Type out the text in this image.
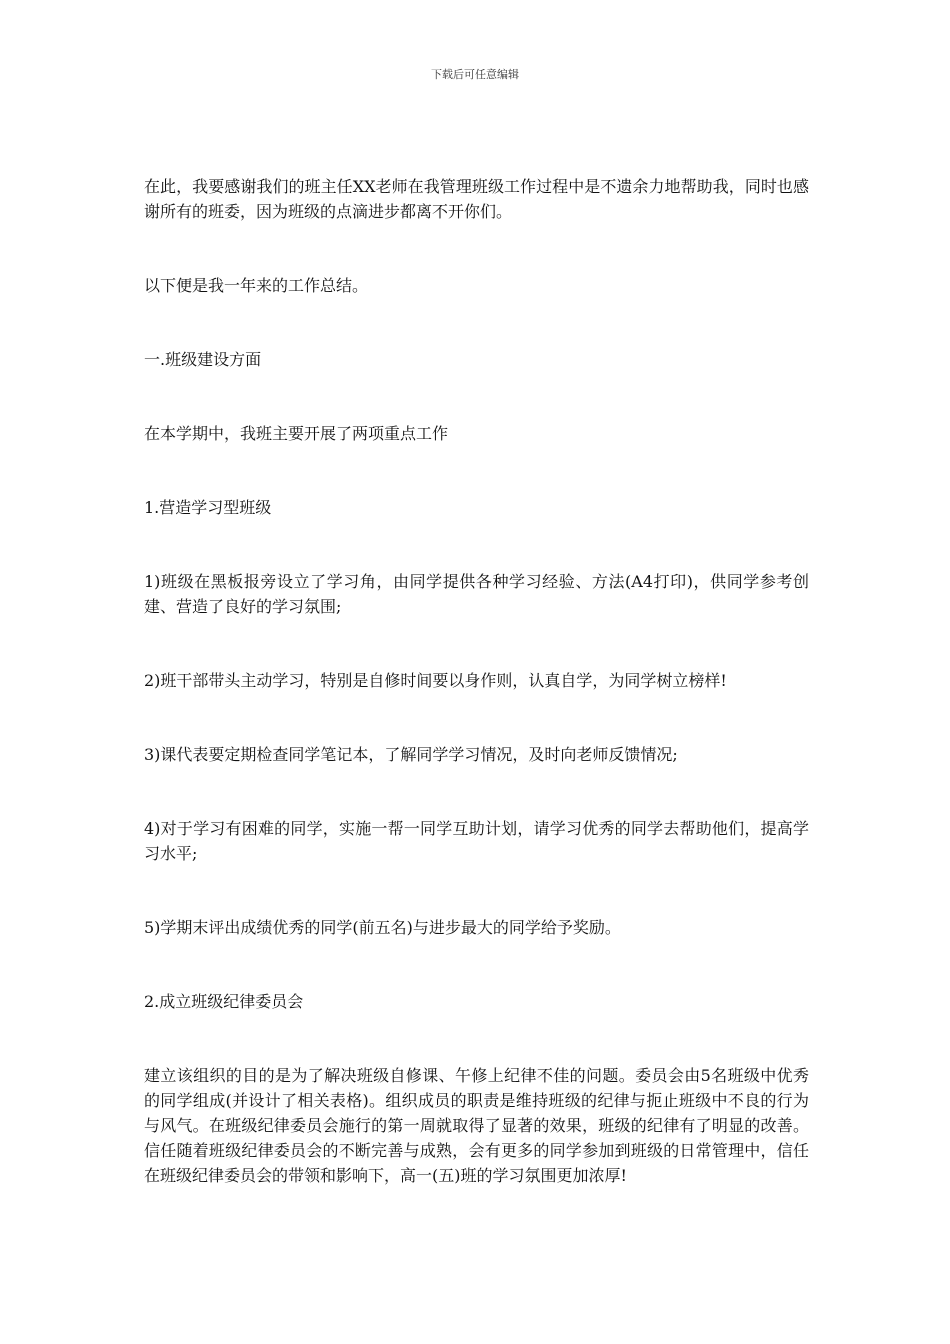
下载后可任意编辑

在此，我要感谢我们的班主任XX老师在我管理班级工作过程中是不遗余力地帮助我，同时也感谢所有的班委，因为班级的点滴进步都离不开你们。

以下便是我一年来的工作总结。

一.班级建设方面

在本学期中，我班主要开展了两项重点工作

1.营造学习型班级

1)班级在黑板报旁设立了学习角，由同学提供各种学习经验、方法(A4打印)，供同学参考创建、营造了良好的学习氛围;

2)班干部带头主动学习，特别是自修时间要以身作则，认真自学，为同学树立榜样!

3)课代表要定期检查同学笔记本，了解同学学习情况，及时向老师反馈情况;

4)对于学习有困难的同学，实施一帮一同学互助计划，请学习优秀的同学去帮助他们，提高学习水平;

5)学期末评出成绩优秀的同学(前五名)与进步最大的同学给予奖励。

2.成立班级纪律委员会

建立该组织的目的是为了解决班级自修课、午修上纪律不佳的问题。委员会由5名班级中优秀的同学组成(并设计了相关表格)。组织成员的职责是维持班级的纪律与扼止班级中不良的行为与风气。在班级纪律委员会施行的第一周就取得了显著的效果，班级的纪律有了明显的改善。信任随着班级纪律委员会的不断完善与成熟，会有更多的同学参加到班级的日常管理中，信任在班级纪律委员会的带领和影响下，高一(五)班的学习氛围更加浓厚!
